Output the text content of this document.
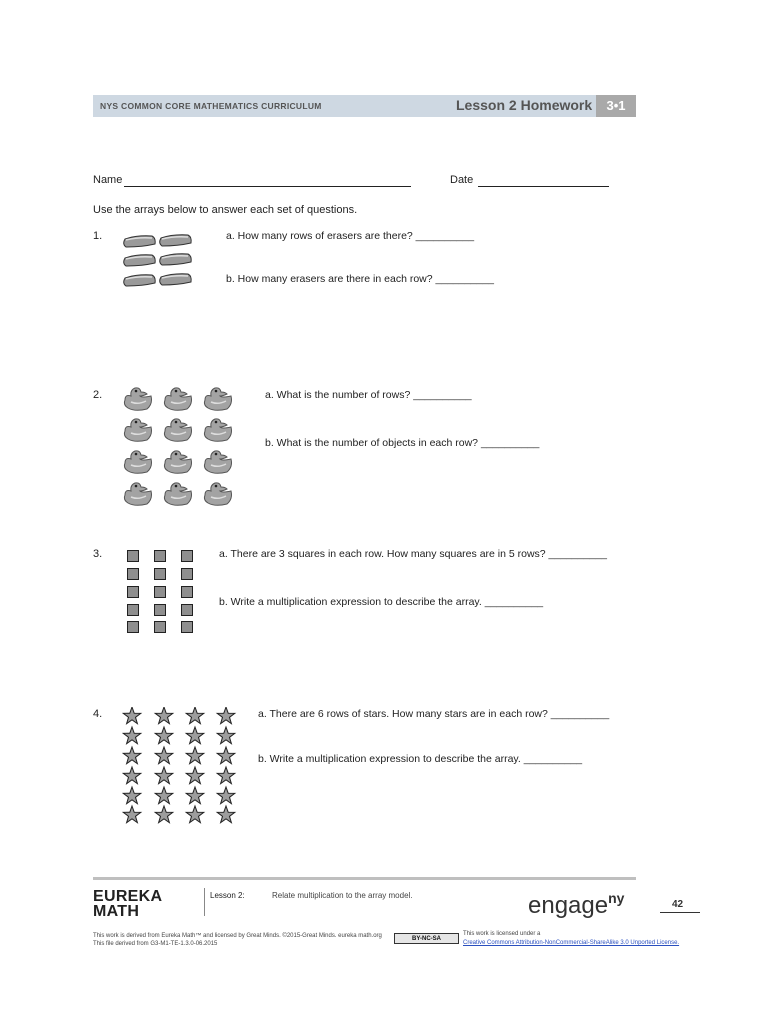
NYS COMMON CORE MATHEMATICS CURRICULUM	Lesson 2 Homework	3•1
Name	Date
Use the arrays below to answer each set of questions.
1.	a. How many rows of erasers are there? __________
b. How many erasers are there in each row? __________
2.	a. What is the number of rows? __________
b. What is the number of objects in each row? __________
3.	a. There are 3 squares in each row. How many squares are in 5 rows? __________
b. Write a multiplication expression to describe the array. __________
4.	a. There are 6 rows of stars. How many stars are in each row? __________
b. Write a multiplication expression to describe the array. __________
EUREKA
MATH
Lesson 2:	Relate multiplication to the array model.	engage$^{ny}$	42
This work is derived from Eureka Math™ and licensed by Great Minds. ©2015-Great Minds. eureka math.org
This file derived from G3-M1-TE-1.3.0-06.2015
BY-NC-SA
This work is licensed under a
Creative Commons Attribution-NonCommercial-ShareAlike 3.0 Unported License.
